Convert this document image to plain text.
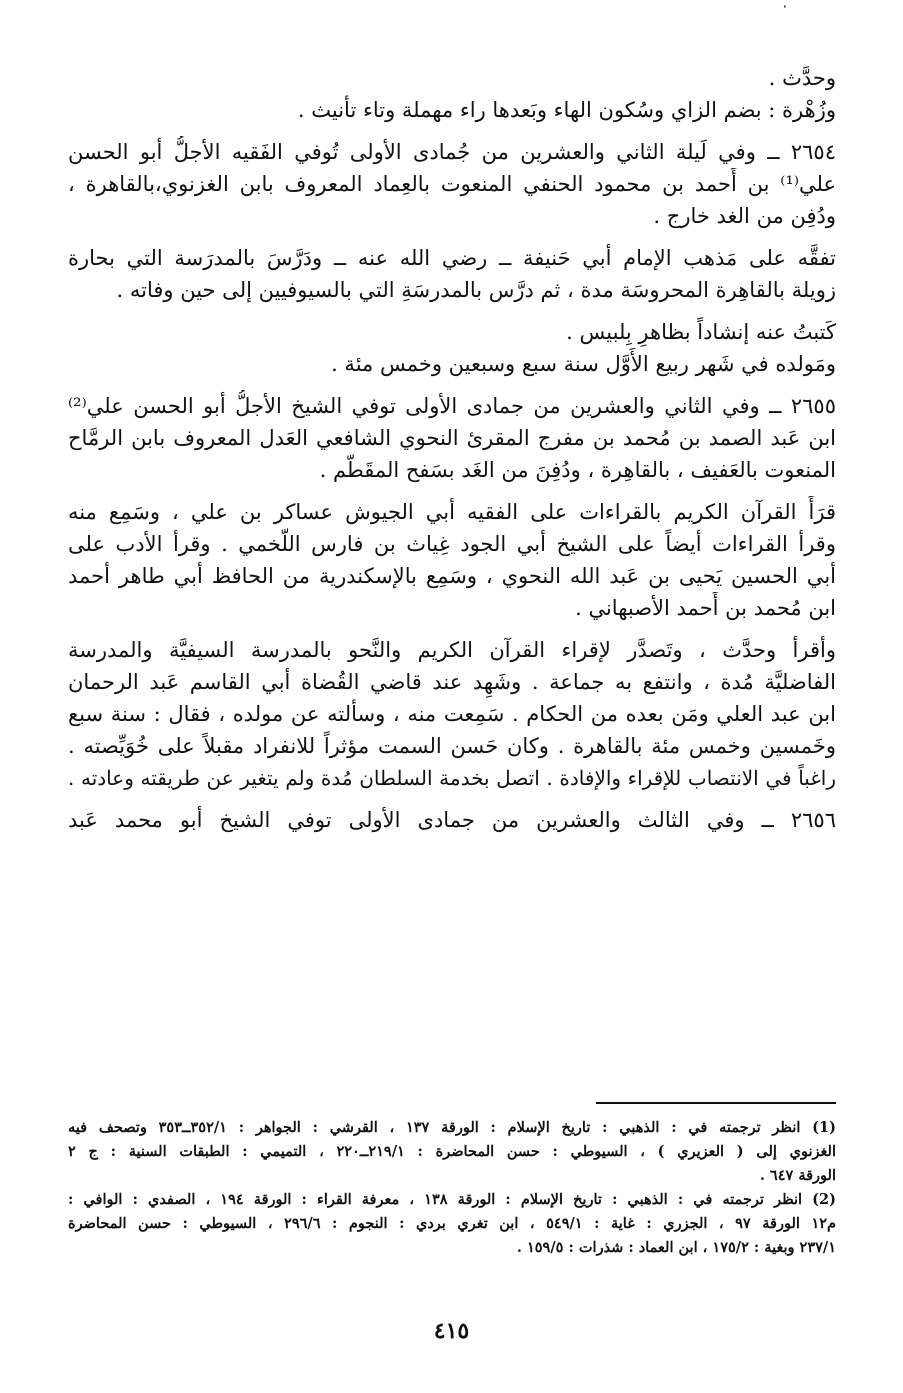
˙ٔ
وحدَّث .
وزُهْرة : بضم الزاي وسُكون الهاء وبَعدها راء مهملة وتاء تأنيث .
٢٦٥٤ ــ وفي لَيلة الثاني والعشرين من جُمادى الأولى تُوفي الفَقيه الأجلُّ أبو الحسن
علي⁽¹⁾ بن أَحمد بن محمود الحنفي المنعوت بالعِماد المعروف بابن الغزنوي،بالقاهرة ،
ودُفِن من الغد خارج .
تفقَّه على مَذهب الإمام أبي حَنيفة ــ رضي الله عنه ــ ودَرَّسَ بالمدرَسة التي بحارة
زويلة بالقاهِرة المحروسَة مدة ، ثم درَّس بالمدرسَةِ التي بالسيوفيين إلى حين وفاته .
كَتبتُ عنه إنشاداً بظاهرِ بِلبيس .
ومَولده في شَهر ربيع الأَوَّل سنة سبع وسبعين وخمس مئة .
٢٦٥٥ ــ وفي الثاني والعشرين من جمادى الأولى توفي الشيخ الأجلُّ أبو الحسن علي⁽²⁾
ابن عَبد الصمد بن مُحمد بن مفرج المقرئ النحوي الشافعي العَدل المعروف بابن الرمَّاح
المنعوت بالعَفيف ، بالقاهِرة ، ودُفِنَ من الغَد بسَفح المقَطَّم .
قرَأَ القرآن الكريم بالقراءات على الفقيه أبي الجيوش عساكر بن علي ، وسَمِع منه
وقرأ القراءات أيضاً على الشيخ أبي الجود غِياث بن فارس اللَّخمي . وقرأ الأدب على
أبي الحسين يَحيى بن عَبد الله النحوي ، وسَمِع بالإسكندرية من الحافظ أبي طاهر أحمد
ابن مُحمد بن أَحمد الأصبهاني .
وأقرأ وحدَّث ، وتَصدَّر لإقراء القرآن الكريم والنَّحو بالمدرسة السيفيَّة والمدرسة
الفاضليَّة مُدة ، وانتفع به جماعة . وشَهِد عند قاضي القُضاة أبي القاسم عَبد الرحمان
ابن عبد العلي ومَن بعده من الحكام . سَمِعت منه ، وسألته عن مولده ، فقال : سنة سبع
وخَمسين وخمس مئة بالقاهرة . وكان حَسن السمت مؤثراً للانفراد مقبلاً على خُوَيِّصته .
راغباً في الانتصاب للإقراء والإفادة . اتصل بخدمة السلطان مُدة ولم يتغير عن طريقته وعادته .
٢٦٥٦ ــ وفي الثالث والعشرين من جمادى الأولى توفي الشيخ أبو محمد عَبد
(1) انظر ترجمته في : الذهبي : تاريخ الإسلام : الورقة ١٣٧ ، القرشي : الجواهر : ٣٥٢/١ــ٣٥٣ وتصحف فيه
الغزنوي إلى ( العزيري ) ، السيوطي : حسن المحاضرة : ٢١٩/١ــ٢٢٠ ، التميمي : الطبقات السنية : ج ٢
الورقة ٦٤٧ .
(2) انظر ترجمته في : الذهبي : تاريخ الإسلام : الورقة ١٣٨ ، معرفة القراء : الورقة ١٩٤ ، الصفدي : الوافي :
م١٢ الورقة ٩٧ ، الجزري : غاية : ٥٤٩/١ ، ابن تغري بردي : النجوم : ٢٩٦/٦ ، السيوطي : حسن المحاضرة
٢٣٧/١ وبغية : ١٧٥/٢ ، ابن العماد : شذرات : ١٥٩/٥ .
٤١٥
